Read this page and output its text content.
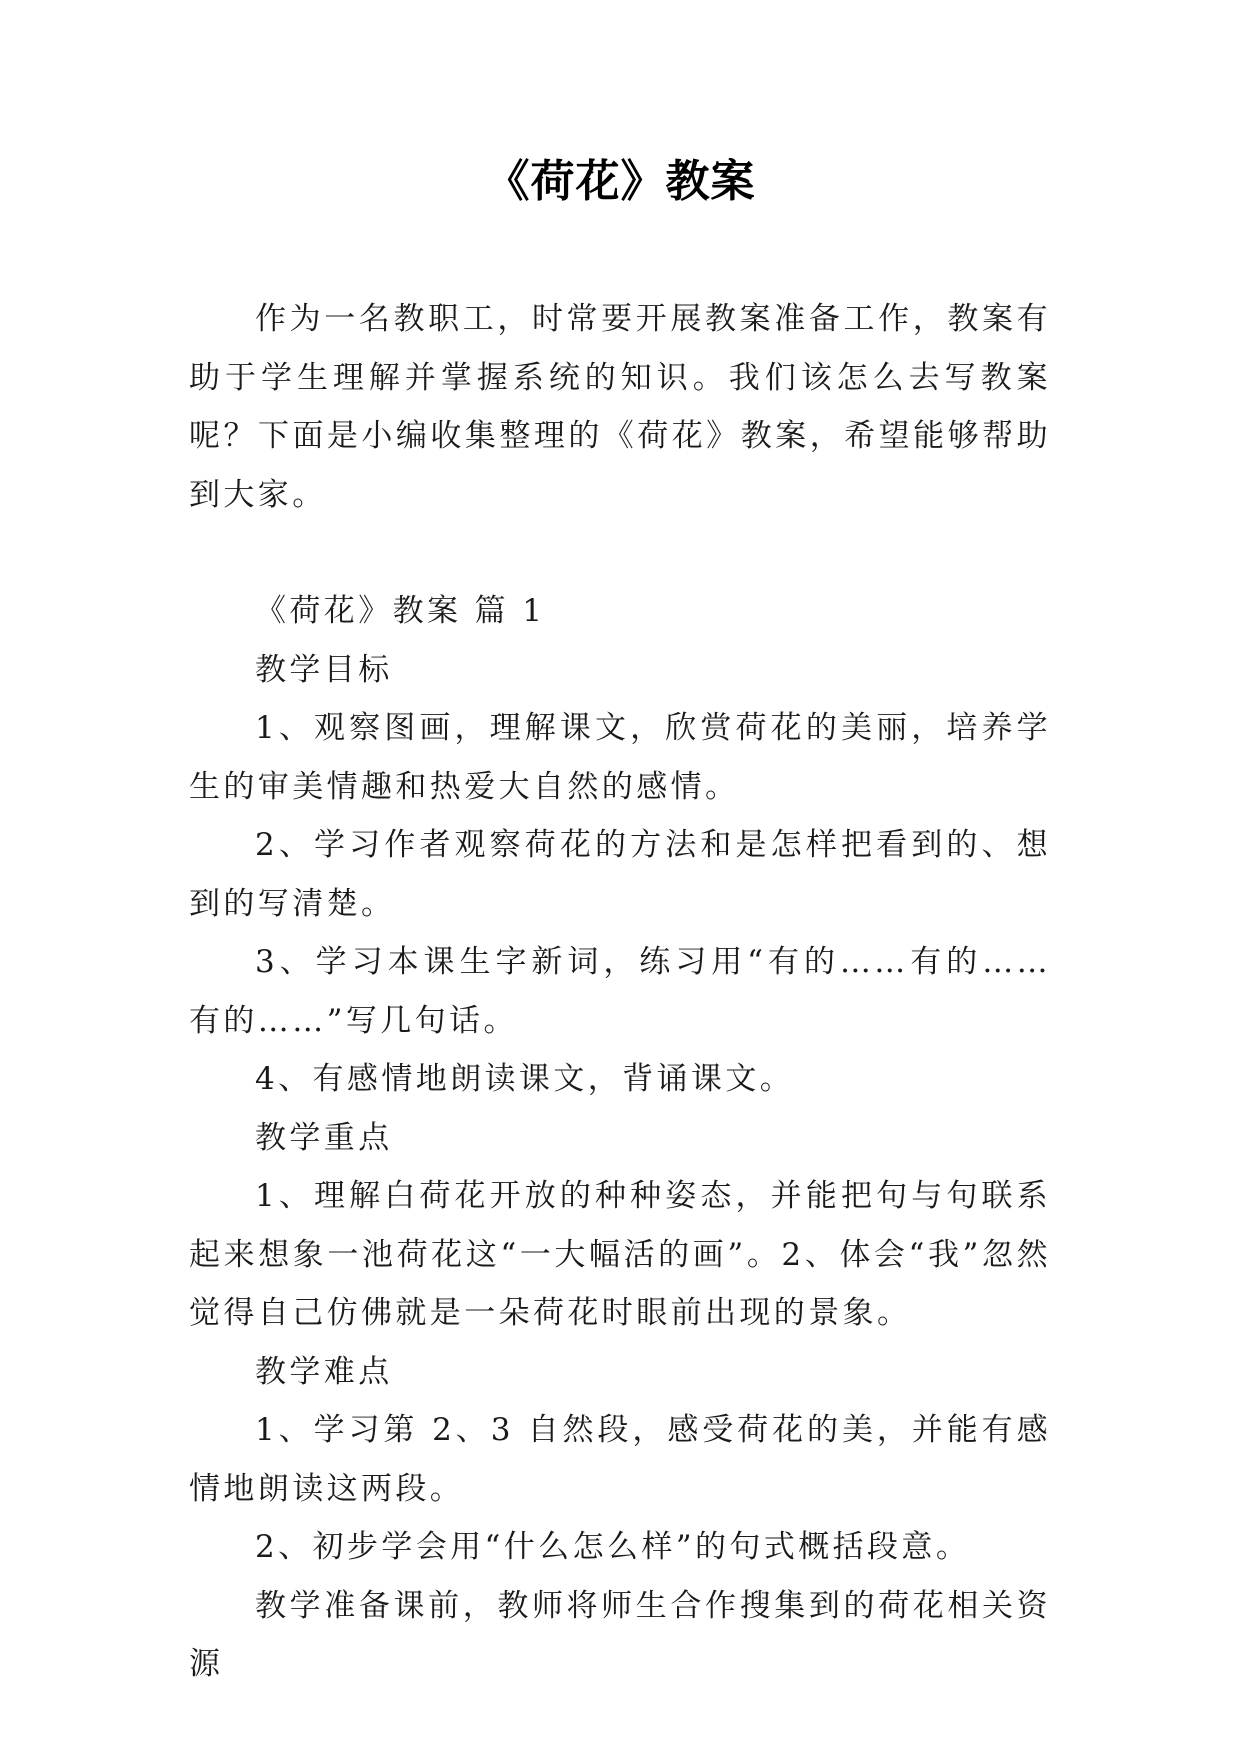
《荷花》教案

作为一名教职工，时常要开展教案准备工作，教案有助于学生理解并掌握系统的知识。我们该怎么去写教案呢？下面是小编收集整理的《荷花》教案，希望能够帮助到大家。

《荷花》教案 篇 1

教学目标

1、观察图画，理解课文，欣赏荷花的美丽，培养学生的审美情趣和热爱大自然的感情。

2、学习作者观察荷花的方法和是怎样把看到的、想到的写清楚。

3、学习本课生字新词，练习用“有的……有的……有的……”写几句话。

4、有感情地朗读课文，背诵课文。

教学重点

1、理解白荷花开放的种种姿态，并能把句与句联系起来想象一池荷花这“一大幅活的画”。2、体会“我”忽然觉得自己仿佛就是一朵荷花时眼前出现的景象。

教学难点

1、学习第 2、3 自然段，感受荷花的美，并能有感情地朗读这两段。

2、初步学会用“什么怎么样”的句式概括段意。

教学准备课前，教师将师生合作搜集到的荷花相关资源
